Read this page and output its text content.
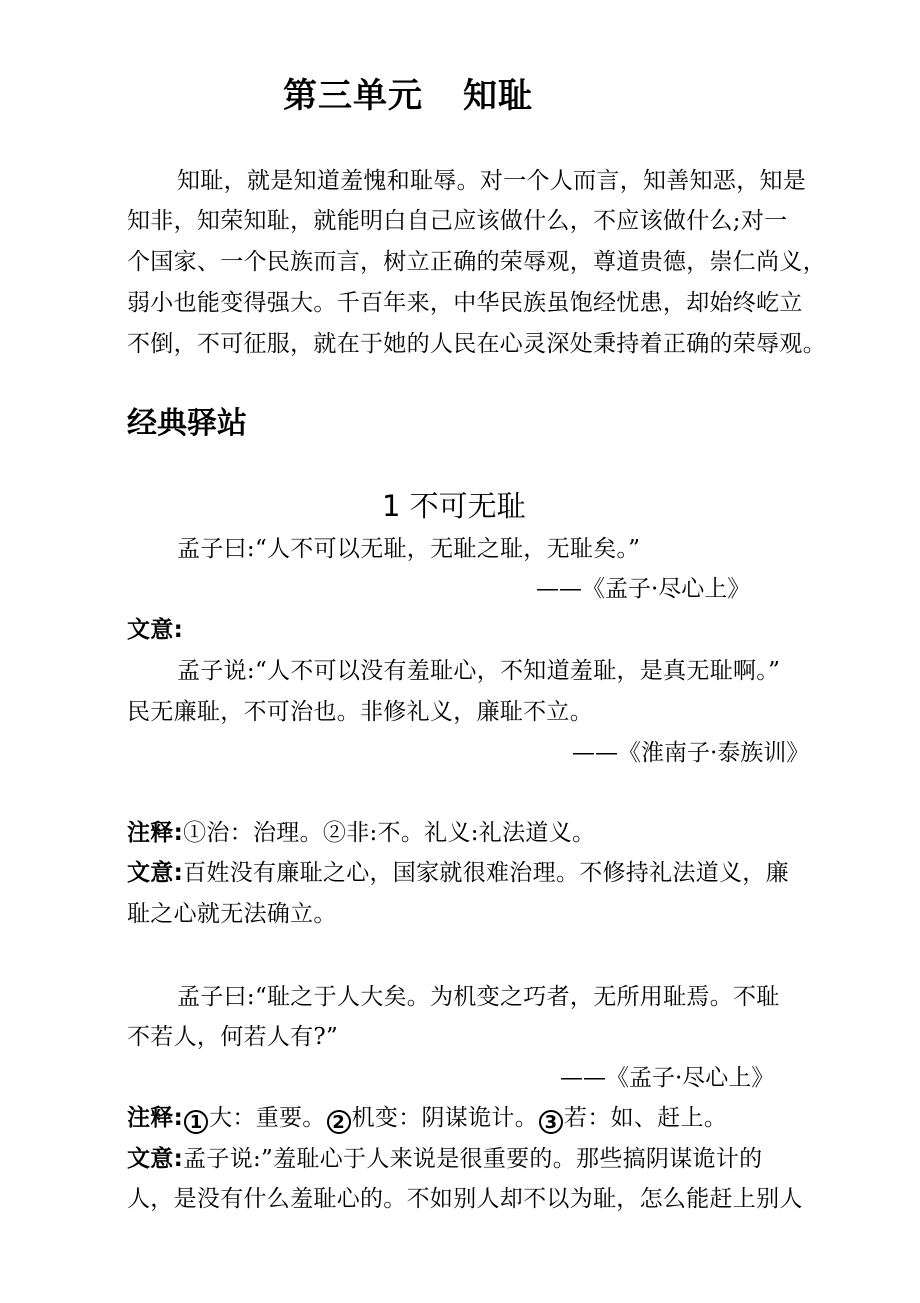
第三单元 知耻
知耻，就是知道羞愧和耻辱。对一个人而言，知善知恶，知是
知非，知荣知耻，就能明白自己应该做什么，不应该做什么;对一
个国家、一个民族而言，树立正确的荣辱观，尊道贵德，崇仁尚义，
弱小也能变得强大。千百年来，中华民族虽饱经忧患，却始终屹立
不倒，不可征服，就在于她的人民在心灵深处秉持着正确的荣辱观。
经典驿站
1 不可无耻
孟子曰:“人不可以无耻，无耻之耻，无耻矣。”
——《孟子·尽心上》
文意:
孟子说:“人不可以没有羞耻心，不知道羞耻，是真无耻啊。”
民无廉耻，不可治也。非修礼义，廉耻不立。
——《淮南子·泰族训》
注释:①治：治理。②非:不。礼义:礼法道义。
文意:百姓没有廉耻之心，国家就很难治理。不修持礼法道义，廉
耻之心就无法确立。
孟子曰:“耻之于人大矣。为机变之巧者，无所用耻焉。不耻
不若人，何若人有?”
——《孟子·尽心上》
注释: 1 大：重要。 2 机变：阴谋诡计。 3 若：如、赶上。
文意:孟子说:”羞耻心于人来说是很重要的。那些搞阴谋诡计的
人，是没有什么羞耻心的。不如别人却不以为耻，怎么能赶上别人
